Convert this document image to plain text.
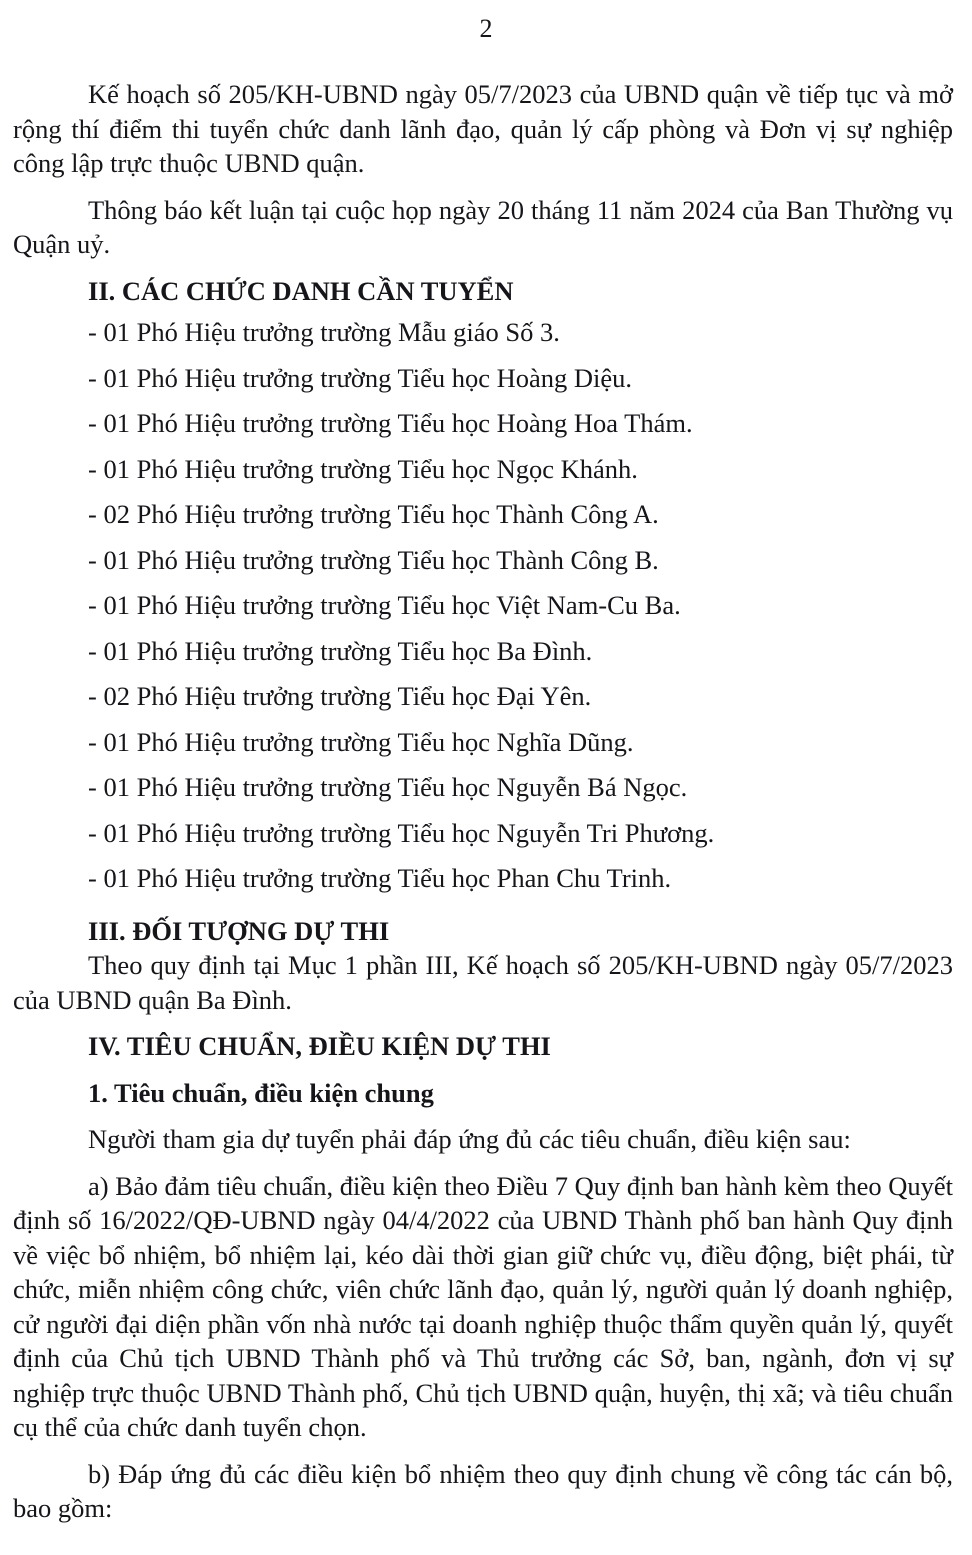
2

Kế hoạch số 205/KH-UBND ngày 05/7/2023 của UBND quận về tiếp tục và mở rộng thí điểm thi tuyển chức danh lãnh đạo, quản lý cấp phòng và Đơn vị sự nghiệp công lập trực thuộc UBND quận.

Thông báo kết luận tại cuộc họp ngày 20 tháng 11 năm 2024 của Ban Thường vụ Quận uỷ.

II. CÁC CHỨC DANH CẦN TUYỂN
- 01 Phó Hiệu trưởng trường Mẫu giáo Số 3.
- 01 Phó Hiệu trưởng trường Tiểu học Hoàng Diệu.
- 01 Phó Hiệu trưởng trường Tiểu học Hoàng Hoa Thám.
- 01 Phó Hiệu trưởng trường Tiểu học Ngọc Khánh.
- 02 Phó Hiệu trưởng trường Tiểu học Thành Công A.
- 01 Phó Hiệu trưởng trường Tiểu học Thành Công B.
- 01 Phó Hiệu trưởng trường Tiểu học Việt Nam-Cu Ba.
- 01 Phó Hiệu trưởng trường Tiểu học Ba Đình.
- 02 Phó Hiệu trưởng trường Tiểu học Đại Yên.
- 01 Phó Hiệu trưởng trường Tiểu học Nghĩa Dũng.
- 01 Phó Hiệu trưởng trường Tiểu học Nguyễn Bá Ngọc.
- 01 Phó Hiệu trưởng trường Tiểu học Nguyễn Tri Phương.
- 01 Phó Hiệu trưởng trường Tiểu học Phan Chu Trinh.
III. ĐỐI TƯỢNG DỰ THI

Theo quy định tại Mục 1 phần III, Kế hoạch số 205/KH-UBND ngày 05/7/2023 của UBND quận Ba Đình.

IV. TIÊU CHUẨN, ĐIỀU KIỆN DỰ THI
1. Tiêu chuẩn, điều kiện chung

Người tham gia dự tuyển phải đáp ứng đủ các tiêu chuẩn, điều kiện sau:

a) Bảo đảm tiêu chuẩn, điều kiện theo Điều 7 Quy định ban hành kèm theo Quyết định số 16/2022/QĐ-UBND ngày 04/4/2022 của UBND Thành phố ban hành Quy định về việc bổ nhiệm, bổ nhiệm lại, kéo dài thời gian giữ chức vụ, điều động, biệt phái, từ chức, miễn nhiệm công chức, viên chức lãnh đạo, quản lý, người quản lý doanh nghiệp, cử người đại diện phần vốn nhà nước tại doanh nghiệp thuộc thẩm quyền quản lý, quyết định của Chủ tịch UBND Thành phố và Thủ trưởng các Sở, ban, ngành, đơn vị sự nghiệp trực thuộc UBND Thành phố, Chủ tịch UBND quận, huyện, thị xã; và tiêu chuẩn cụ thể của chức danh tuyển chọn.

b) Đáp ứng đủ các điều kiện bổ nhiệm theo quy định chung về công tác cán bộ, bao gồm:
